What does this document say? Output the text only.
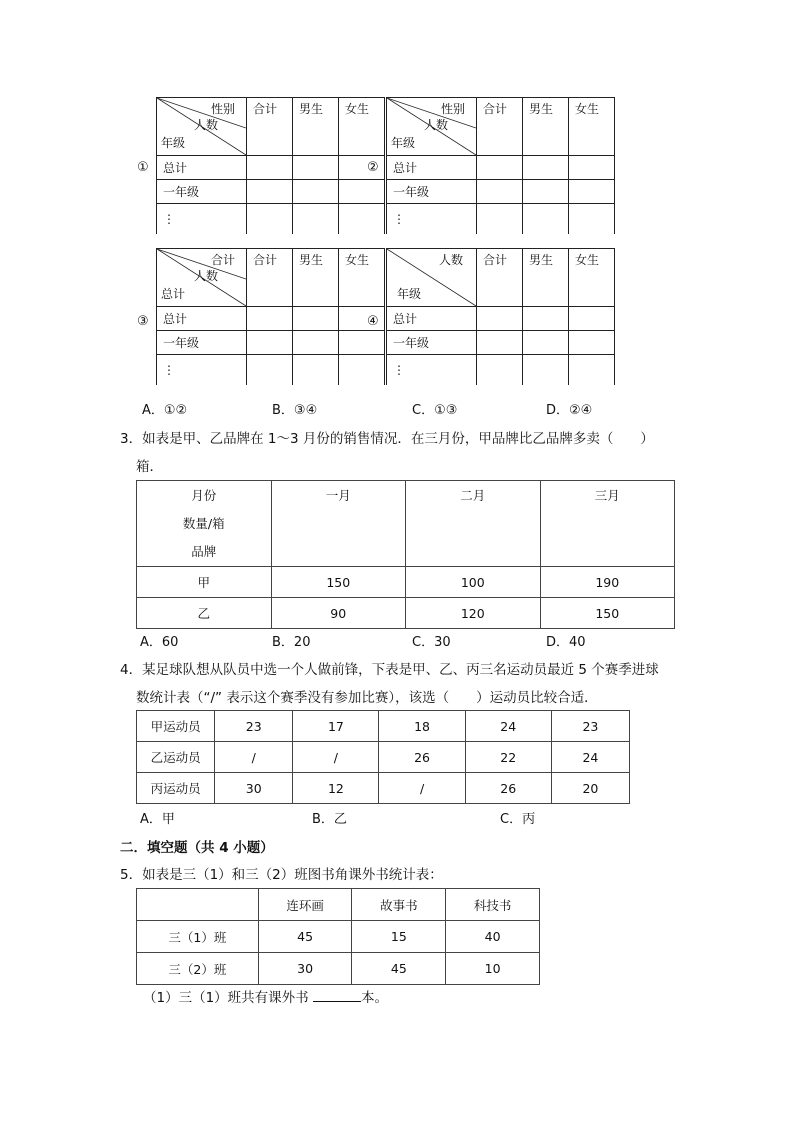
①
性别
人数
年级	合计	男生	女生
总计			
一年级			
⋮			
②
性别
人数
年级	合计	男生	女生
总计			
一年级			
⋮			
③
合计
人数
总计	合计	男生	女生
总计			
一年级			
⋮			
④
人数
年级	合计	男生	女生
总计			
一年级			
⋮			
A．①②	B．③④	C．①③	D．②④
3．如表是甲、乙品牌在 1～3 月份的销售情况．在三月份，甲品牌比乙品牌多卖（　　）
箱．
月份
数量/箱
品牌	一月	二月	三月
甲	150	100	190
乙	90	120	150
A．60	B．20	C．30	D．40
4．某足球队想从队员中选一个人做前锋，下表是甲、乙、丙三名运动员最近 5 个赛季进球
数统计表（“/” 表示这个赛季没有参加比赛），该选（　　）运动员比较合适．
甲运动员	23	17	18	24	23
乙运动员	/	/	26	22	24
丙运动员	30	12	/	26	20
A．甲	B．乙	C．丙
二．填空题（共 4 小题）
5．如表是三（1）和三（2）班图书角课外书统计表：
	连环画	故事书	科技书
三（1）班	45	15	40
三（2）班	30	45	10
（1）三（1）班共有课外书	本。
